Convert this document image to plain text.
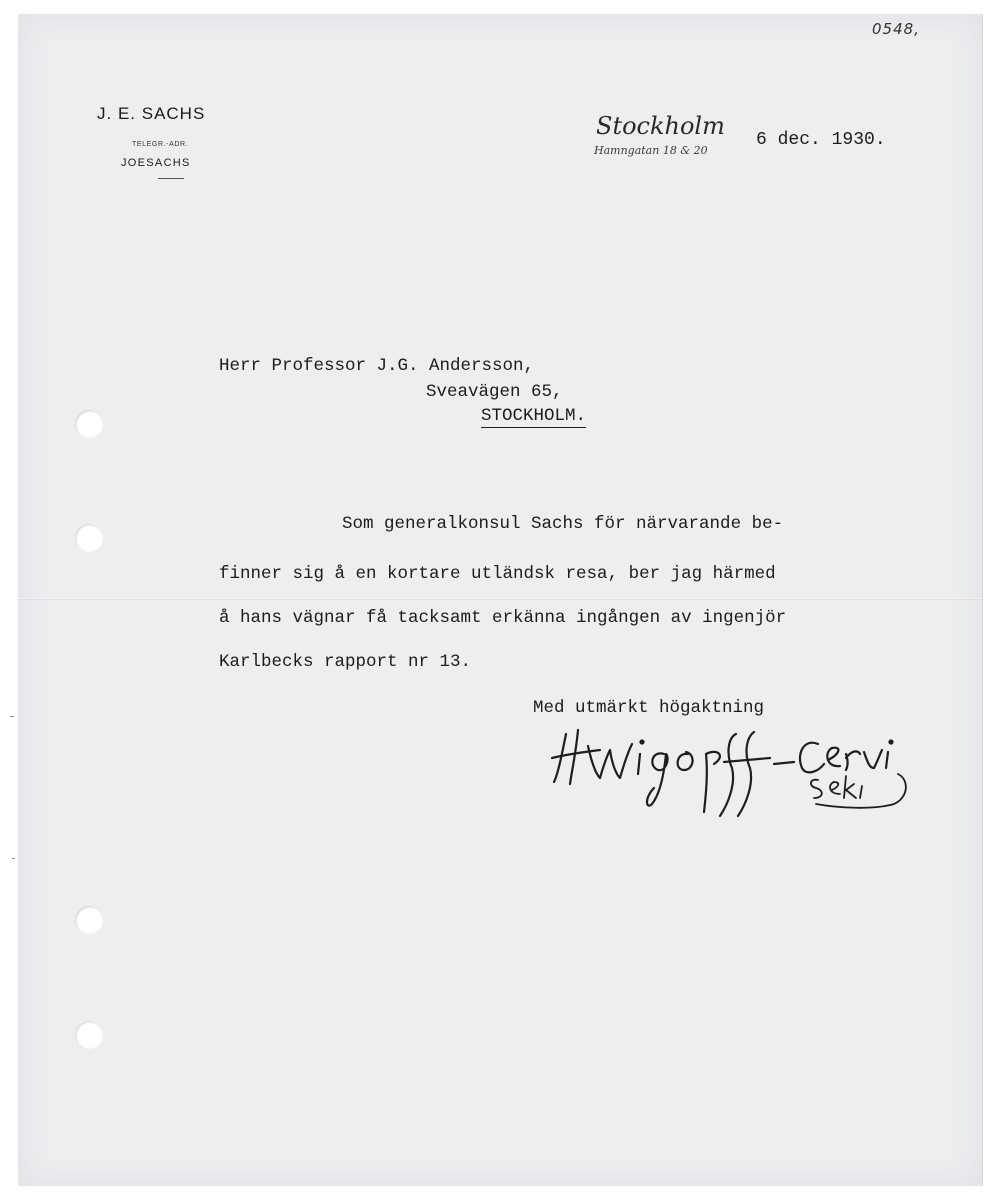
0548,
J. E. SACHS
TELEGR.-ADR.
JOESACHS
Stockholm
Hamngatan 18 & 20
6 dec. 1930.
Herr Professor J.G. Andersson,
Sveavägen 65,
STOCKHOLM.
Som generalkonsul Sachs för närvarande be-
finner sig å en kortare utländsk resa, ber jag härmed
å hans vägnar få tacksamt erkänna ingången av ingenjör
Karlbecks rapport nr 13.
Med utmärkt högaktning
